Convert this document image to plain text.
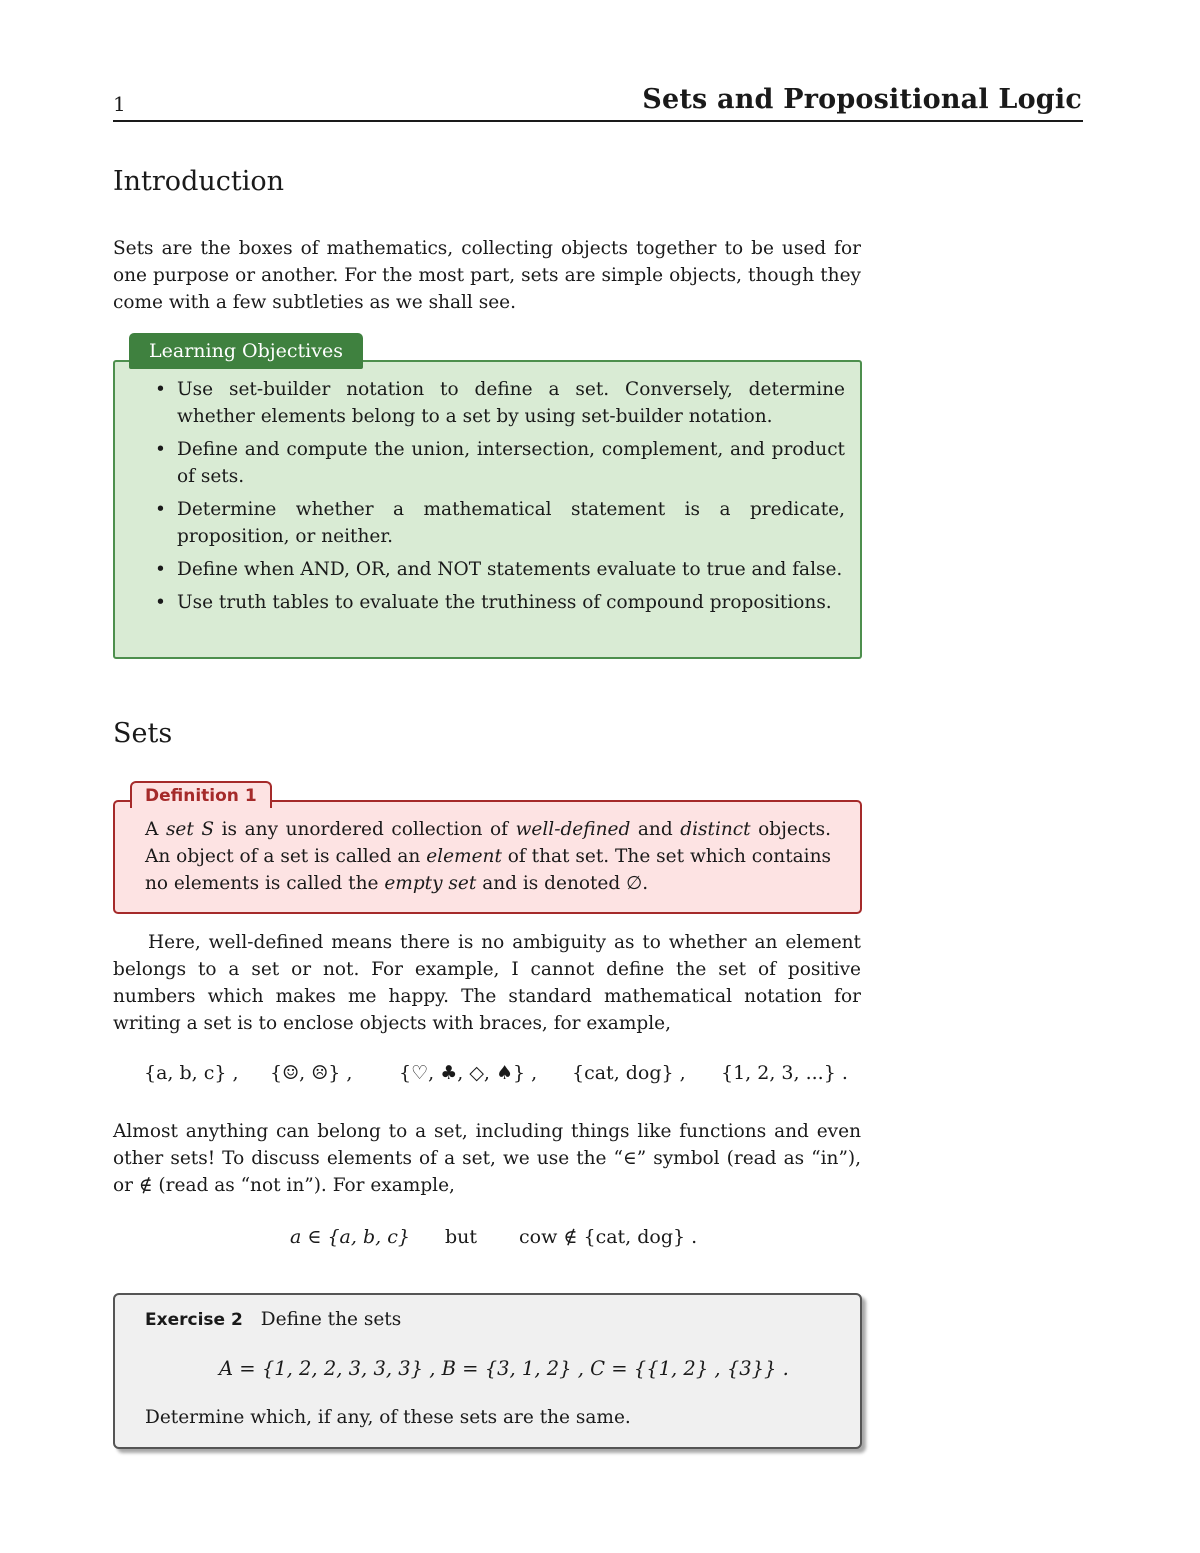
1	Sets and Propositional Logic
Introduction
Sets are the boxes of mathematics, collecting objects together to be used for one purpose or another. For the most part, sets are simple objects, though they come with a few subtleties as we shall see.
• Use set-builder notation to define a set. Conversely, determine whether elements belong to a set by using set-builder notation.
• Define and compute the union, intersection, complement, and product of sets.
• Determine whether a mathematical statement is a predicate, proposition, or neither.
• Define when AND, OR, and NOT statements evaluate to true and false.
• Use truth tables to evaluate the truthiness of compound propositions.
Learning Objectives
Sets
A set S is any unordered collection of well-defined and distinct objects. An object of a set is called an element of that set. The set which contains no elements is called the empty set and is denoted ∅.
Definition 1
Here, well-defined means there is no ambiguity as to whether an element belongs to a set or not. For example, I cannot define the set of positive numbers which makes me happy. The standard mathematical notation for writing a set is to enclose objects with braces, for example,
{a, b, c} , {☺, ☹} , {♡, ♣, ◇, ♠} , {cat, dog} , {1, 2, 3, ...} .
Almost anything can belong to a set, including things like functions and even other sets! To discuss elements of a set, we use the “∈” symbol (read as “in”), or ∉ (read as “not in”). For example,
a ∈ {a, b, c} but cow ∉ {cat, dog} .
Exercise 2 Define the sets
A = {1, 2, 2, 3, 3, 3} , B = {3, 1, 2} , C = {{1, 2} , {3}} .
Determine which, if any, of these sets are the same.
